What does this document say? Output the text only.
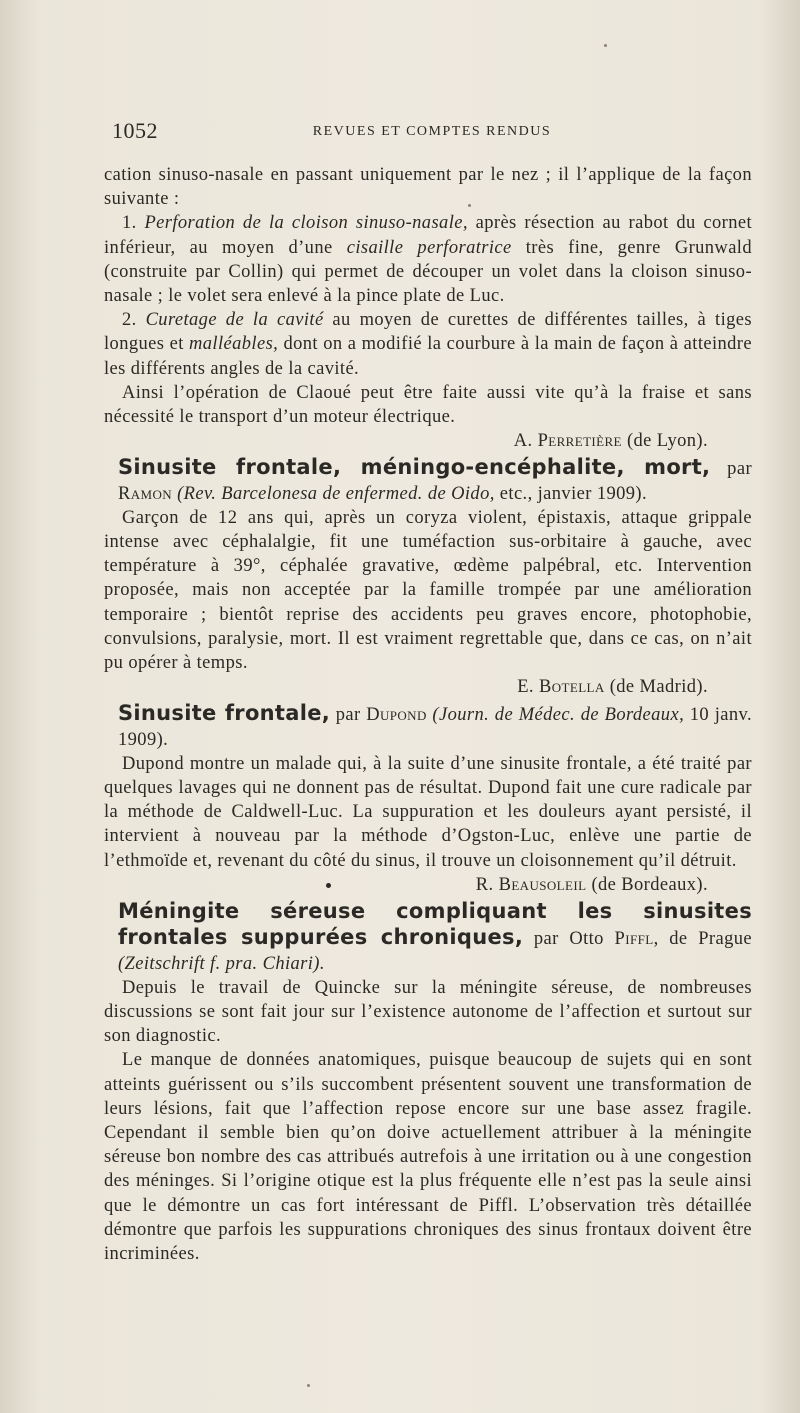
1052	REVUES ET COMPTES RENDUS

cation sinuso-nasale en passant uniquement par le nez ; il l’applique de la façon suivante :

1. Perforation de la cloison sinuso-nasale, après résection au rabot du cornet inférieur, au moyen d’une cisaille perforatrice très fine, genre Grunwald (construite par Collin) qui permet de découper un volet dans la cloison sinuso-nasale ; le volet sera enlevé à la pince plate de Luc.

2. Curetage de la cavité au moyen de curettes de différentes tailles, à tiges longues et malléables, dont on a modifié la courbure à la main de façon à atteindre les différents angles de la cavité.

Ainsi l’opération de Claoué peut être faite aussi vite qu’à la fraise et sans nécessité le transport d’un moteur électrique.

A. Perretière (de Lyon).

Sinusite frontale, méningo-encéphalite, mort, par Ramon (Rev. Barcelonesa de enfermed. de Oido, etc., janvier 1909).

Garçon de 12 ans qui, après un coryza violent, épistaxis, attaque grippale intense avec céphalalgie, fit une tuméfaction sus-orbitaire à gauche, avec température à 39°, céphalée gravative, œdème palpébral, etc. Intervention proposée, mais non acceptée par la famille trompée par une amélioration temporaire ; bientôt reprise des accidents peu graves encore, photophobie, convulsions, paralysie, mort. Il est vraiment regrettable que, dans ce cas, on n’ait pu opérer à temps.

E. Botella (de Madrid).

Sinusite frontale, par Dupond (Journ. de Médec. de Bordeaux, 10 janv. 1909).

Dupond montre un malade qui, à la suite d’une sinusite frontale, a été traité par quelques lavages qui ne donnent pas de résultat. Dupond fait une cure radicale par la méthode de Caldwell-Luc. La suppuration et les douleurs ayant persisté, il intervient à nouveau par la méthode d’Ogston-Luc, enlève une partie de l’ethmoïde et, revenant du côté du sinus, il trouve un cloisonnement qu’il détruit.

R. Beausoleil (de Bordeaux).

Méningite séreuse compliquant les sinusites frontales suppurées chroniques, par Otto Piffl, de Prague (Zeitschrift f. pra. Chiari).

Depuis le travail de Quincke sur la méningite séreuse, de nombreuses discussions se sont fait jour sur l’existence autonome de l’affection et surtout sur son diagnostic.

Le manque de données anatomiques, puisque beaucoup de sujets qui en sont atteints guérissent ou s’ils succombent présentent souvent une transformation de leurs lésions, fait que l’affection repose encore sur une base assez fragile. Cependant il semble bien qu’on doive actuellement attribuer à la méningite séreuse bon nombre des cas attribués autrefois à une irritation ou à une congestion des méninges. Si l’origine otique est la plus fréquente elle n’est pas la seule ainsi que le démontre un cas fort intéressant de Piffl. L’observation très détaillée démontre que parfois les suppurations chroniques des sinus frontaux doivent être incriminées.
